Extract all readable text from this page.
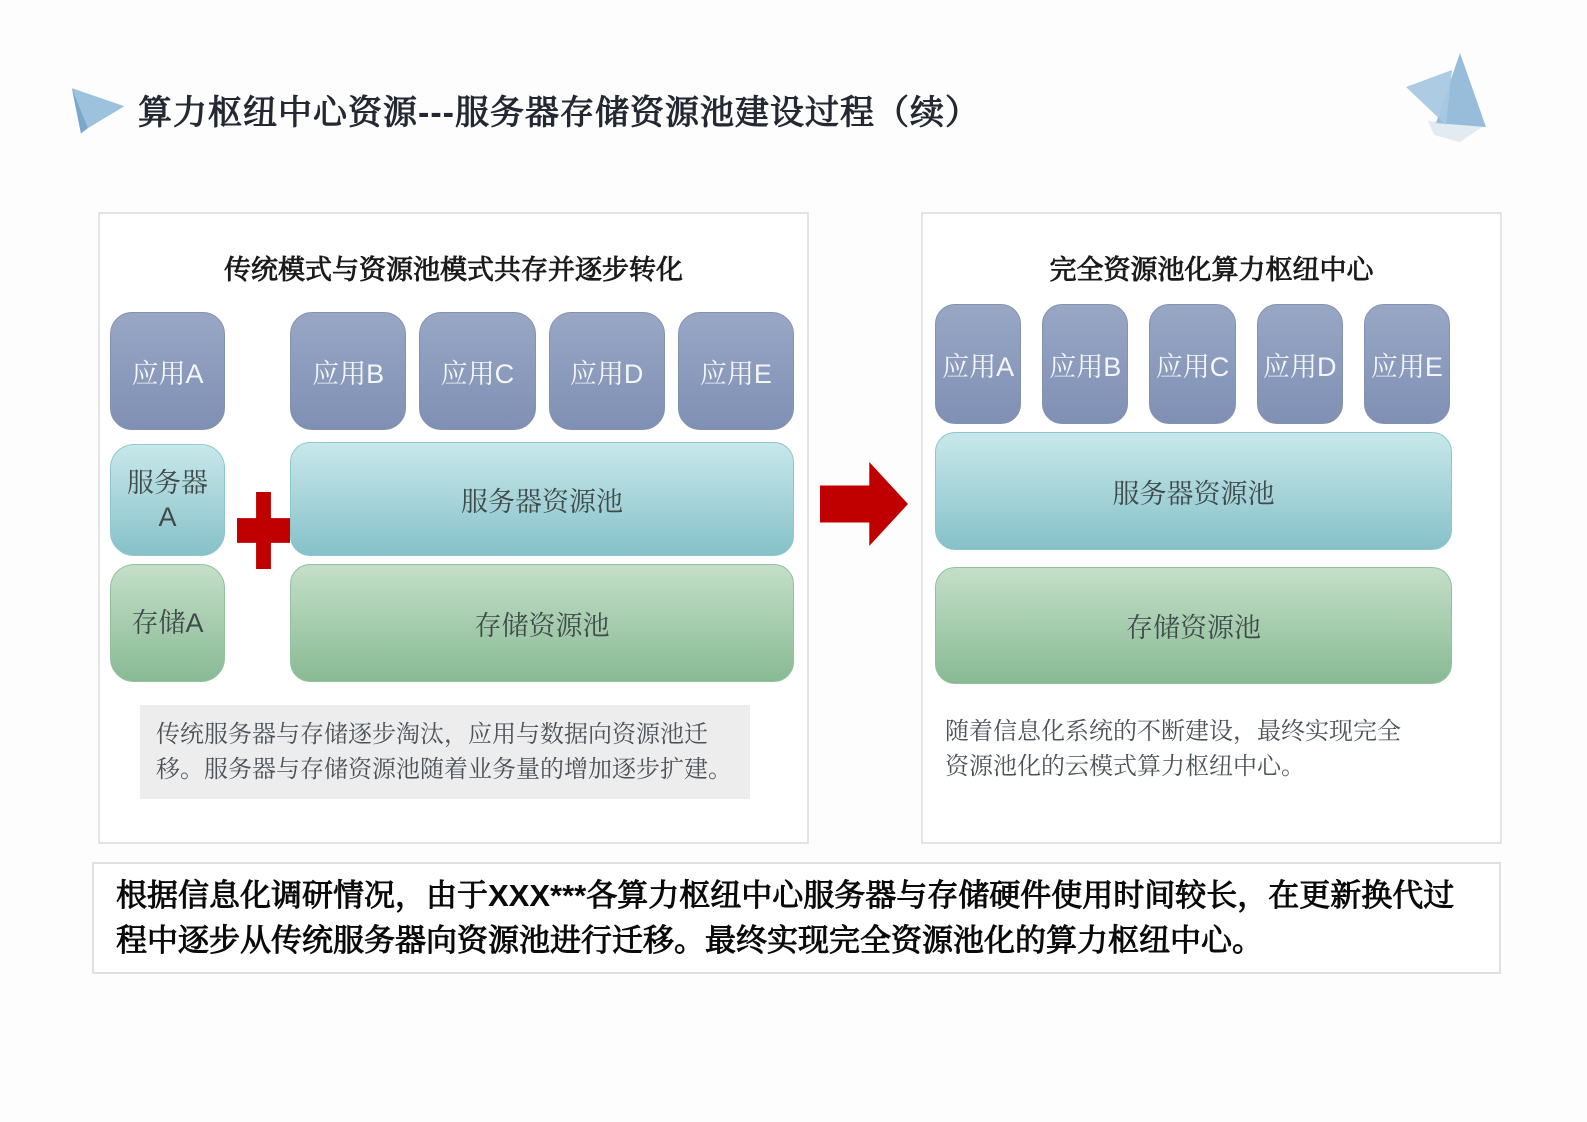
算力枢纽中心资源---服务器存储资源池建设过程（续）
传统模式与资源池模式共存并逐步转化
应用A	应用B	应用C	应用D	应用E
服务器A
服务器资源池
存储A	存储资源池
传统服务器与存储逐步淘汰，应用与数据向资源池迁移。服务器与存储资源池随着业务量的增加逐步扩建。
完全资源池化算力枢纽中心
应用A 应用B 应用C 应用D 应用E
服务器资源池
存储资源池
随着信息化系统的不断建设，最终实现完全资源池化的云模式算力枢纽中心。

根据信息化调研情况，由于XXX***各算力枢纽中心服务器与存储硬件使用时间较长，在更新换代过程中逐步从传统服务器向资源池进行迁移。最终实现完全资源池化的算力枢纽中心。
